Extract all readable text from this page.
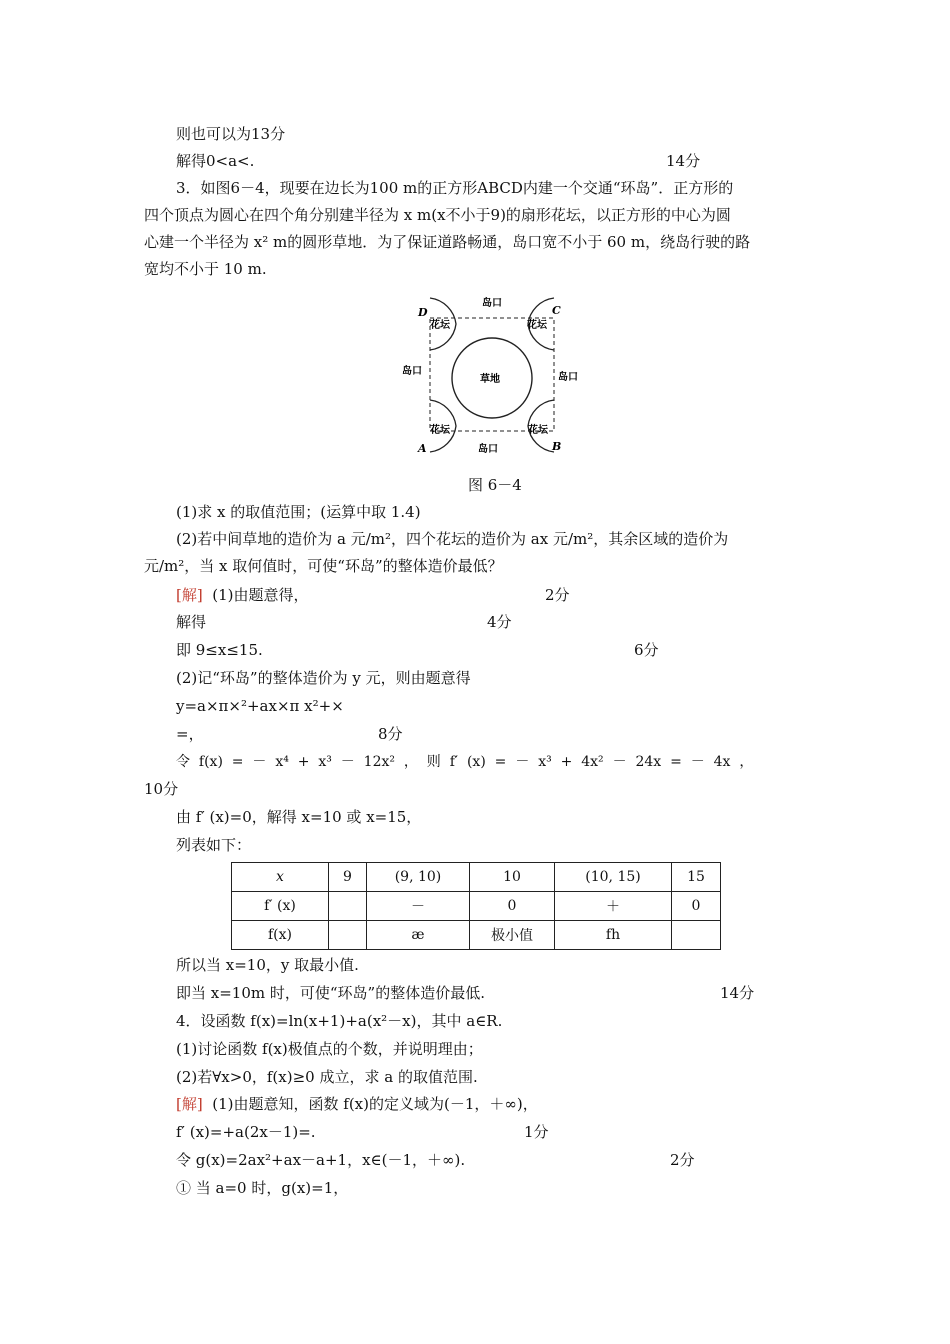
则也可以为13分
解得0<a<.	14分
3．如图6－4，现要在边长为100 m的正方形ABCD内建一个交通“环岛”．正方形的
四个顶点为圆心在四个角分别建半径为 x m(x不小于9)的扇形花坛，以正方形的中心为圆
心建一个半径为 x² m的圆形草地．为了保证道路畅通，岛口宽不小于 60 m，绕岛行驶的路
宽均不小于 10 m.
D	C
A	B
花坛	花坛
花坛	花坛
草地
岛口
岛口
岛口
岛口
图 6－4
(1)求 x 的取值范围；(运算中取 1.4)
(2)若中间草地的造价为 a 元/m²，四个花坛的造价为 ax 元/m²，其余区域的造价为
元/m²，当 x 取何值时，可使“环岛”的整体造价最低？
[解]  (1)由题意得，	2分
解得	4分
即 9≤x≤15.	6分
(2)记“环岛”的整体造价为 y 元，则由题意得
y=a×π×²+ax×π x²+×
=，	8分
令  f(x)  =  －  x⁴  +  x³  －  12x²  ，  则  f′  (x)  =  －  x³  +  4x²  －  24x  =  －  4x  ，
10分
由 f′ (x)=0，解得 x=10 或 x=15，
列表如下：
x	9	(9, 10)	10	(10, 15)	15
f′ (x)		－	0	＋	0
f(x)		æ	极小值	fh	
所以当 x=10，y 取最小值.
即当 x=10m 时，可使“环岛”的整体造价最低.	14分
4．设函数 f(x)=ln(x+1)+a(x²－x)，其中 a∈R.
(1)讨论函数 f(x)极值点的个数，并说明理由；
(2)若∀x>0，f(x)≥0 成立，求 a 的取值范围.
[解]  (1)由题意知，函数 f(x)的定义域为(－1，＋∞)，
f′ (x)=+a(2x－1)=.	1分
令 g(x)=2ax²+ax－a+1，x∈(－1，＋∞).	2分
① 当 a=0 时，g(x)=1，
